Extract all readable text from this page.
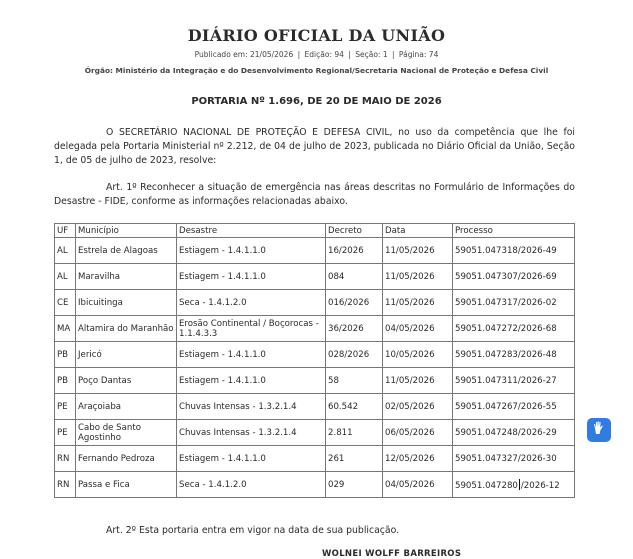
DIÁRIO OFICIAL DA UNIÃO
Publicado em: 21/05/2026 | Edição: 94 | Seção: 1 | Página: 74
Órgão: Ministério da Integração e do Desenvolvimento Regional/Secretaria Nacional de Proteção e Defesa Civil
PORTARIA Nº 1.696, DE 20 DE MAIO DE 2026
O SECRETÁRIO NACIONAL DE PROTEÇÃO E DEFESA CIVIL, no uso da competência que lhe foi delegada pela Portaria Ministerial nº 2.212, de 04 de julho de 2023, publicada no Diário Oficial da União, Seção 1, de 05 de julho de 2023, resolve:
Art. 1º Reconhecer a situação de emergência nas áreas descritas no Formulário de Informações do Desastre - FIDE, conforme as informações relacionadas abaixo.
UF	Município	Desastre	Decreto	Data	Processo
AL	Estrela de Alagoas	Estiagem - 1.4.1.1.0	16/2026	11/05/2026	59051.047318/2026-49
AL	Maravilha	Estiagem - 1.4.1.1.0	084	11/05/2026	59051.047307/2026-69
CE	Ibicuitinga	Seca - 1.4.1.2.0	016/2026	11/05/2026	59051.047317/2026-02
MA	Altamira do Maranhão	Erosão Continental / Boçorocas - 1.1.4.3.3	36/2026	04/05/2026	59051.047272/2026-68
PB	Jericó	Estiagem - 1.4.1.1.0	028/2026	10/05/2026	59051.047283/2026-48
PB	Poço Dantas	Estiagem - 1.4.1.1.0	58	11/05/2026	59051.047311/2026-27
PE	Araçoiaba	Chuvas Intensas - 1.3.2.1.4	60.542	02/05/2026	59051.047267/2026-55
PE	Cabo de Santo Agostinho	Chuvas Intensas - 1.3.2.1.4	2.811	06/05/2026	59051.047248/2026-29
RN	Fernando Pedroza	Estiagem - 1.4.1.1.0	261	12/05/2026	59051.047327/2026-30
RN	Passa e Fica	Seca - 1.4.1.2.0	029	04/05/2026	59051.047280 /2026-12
Art. 2º Esta portaria entra em vigor na data de sua publicação.
WOLNEI WOLFF BARREIROS
